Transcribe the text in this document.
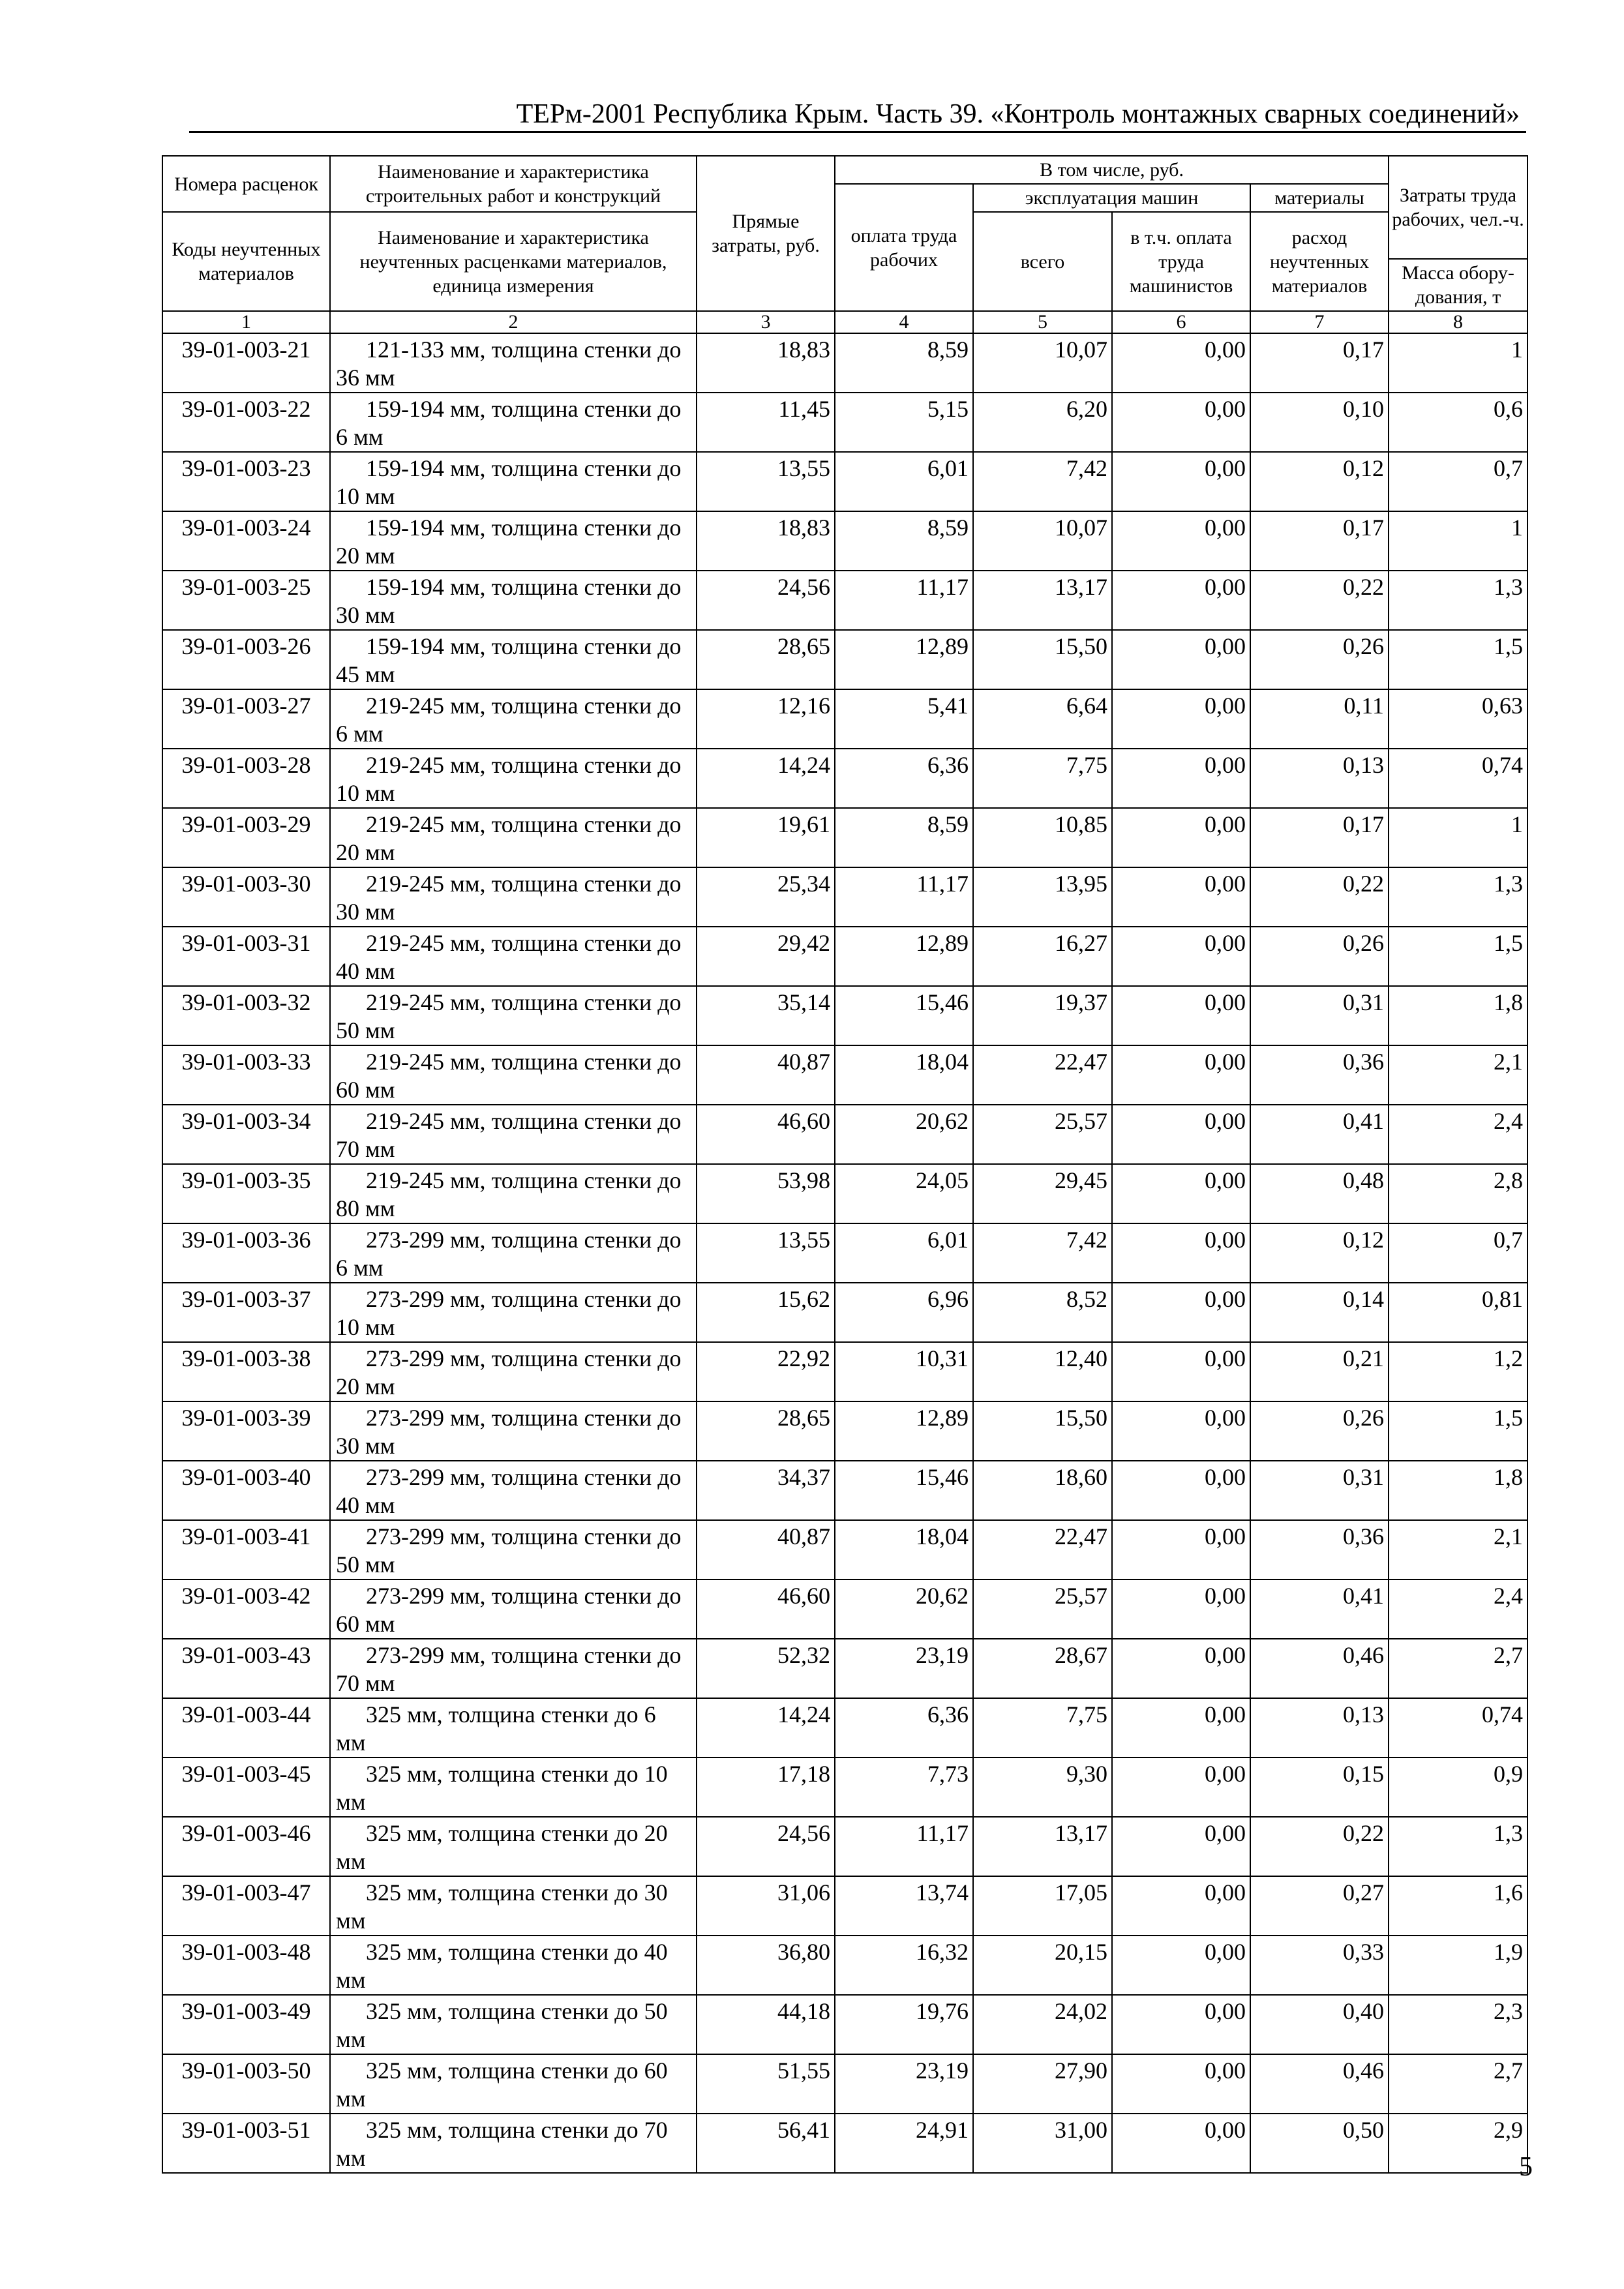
ТЕРм-2001 Республика Крым. Часть 39. «Контроль монтажных сварных соединений»
Номера расценок	Наименование и характеристика строительных работ и конструкций	Прямые затраты, руб.	В том числе, руб.				Затраты труда рабочих, чел.-ч.
			оплата труда рабочих	эксплуатация машин		материалы	
Коды неучтенных материалов	Наименование и характеристика неучтенных расценками материалов, единица измерения			всего	в т.ч. оплата труда машинистов	расход неучтенных материалов	
							Масса обору-дования, т
1	2	3	4	5	6	7	8
39-01-003-21	121-133 мм, толщина стенки до 36 мм	18,83	8,59	10,07	0,00	0,17	1
39-01-003-22	159-194 мм, толщина стенки до 6 мм	11,45	5,15	6,20	0,00	0,10	0,6
39-01-003-23	159-194 мм, толщина стенки до 10 мм	13,55	6,01	7,42	0,00	0,12	0,7
39-01-003-24	159-194 мм, толщина стенки до 20 мм	18,83	8,59	10,07	0,00	0,17	1
39-01-003-25	159-194 мм, толщина стенки до 30 мм	24,56	11,17	13,17	0,00	0,22	1,3
39-01-003-26	159-194 мм, толщина стенки до 45 мм	28,65	12,89	15,50	0,00	0,26	1,5
39-01-003-27	219-245 мм, толщина стенки до 6 мм	12,16	5,41	6,64	0,00	0,11	0,63
39-01-003-28	219-245 мм, толщина стенки до 10 мм	14,24	6,36	7,75	0,00	0,13	0,74
39-01-003-29	219-245 мм, толщина стенки до 20 мм	19,61	8,59	10,85	0,00	0,17	1
39-01-003-30	219-245 мм, толщина стенки до 30 мм	25,34	11,17	13,95	0,00	0,22	1,3
39-01-003-31	219-245 мм, толщина стенки до 40 мм	29,42	12,89	16,27	0,00	0,26	1,5
39-01-003-32	219-245 мм, толщина стенки до 50 мм	35,14	15,46	19,37	0,00	0,31	1,8
39-01-003-33	219-245 мм, толщина стенки до 60 мм	40,87	18,04	22,47	0,00	0,36	2,1
39-01-003-34	219-245 мм, толщина стенки до 70 мм	46,60	20,62	25,57	0,00	0,41	2,4
39-01-003-35	219-245 мм, толщина стенки до 80 мм	53,98	24,05	29,45	0,00	0,48	2,8
39-01-003-36	273-299 мм, толщина стенки до 6 мм	13,55	6,01	7,42	0,00	0,12	0,7
39-01-003-37	273-299 мм, толщина стенки до 10 мм	15,62	6,96	8,52	0,00	0,14	0,81
39-01-003-38	273-299 мм, толщина стенки до 20 мм	22,92	10,31	12,40	0,00	0,21	1,2
39-01-003-39	273-299 мм, толщина стенки до 30 мм	28,65	12,89	15,50	0,00	0,26	1,5
39-01-003-40	273-299 мм, толщина стенки до 40 мм	34,37	15,46	18,60	0,00	0,31	1,8
39-01-003-41	273-299 мм, толщина стенки до 50 мм	40,87	18,04	22,47	0,00	0,36	2,1
39-01-003-42	273-299 мм, толщина стенки до 60 мм	46,60	20,62	25,57	0,00	0,41	2,4
39-01-003-43	273-299 мм, толщина стенки до 70 мм	52,32	23,19	28,67	0,00	0,46	2,7
39-01-003-44	325 мм, толщина стенки до 6 мм	14,24	6,36	7,75	0,00	0,13	0,74
39-01-003-45	325 мм, толщина стенки до 10 мм	17,18	7,73	9,30	0,00	0,15	0,9
39-01-003-46	325 мм, толщина стенки до 20 мм	24,56	11,17	13,17	0,00	0,22	1,3
39-01-003-47	325 мм, толщина стенки до 30 мм	31,06	13,74	17,05	0,00	0,27	1,6
39-01-003-48	325 мм, толщина стенки до 40 мм	36,80	16,32	20,15	0,00	0,33	1,9
39-01-003-49	325 мм, толщина стенки до 50 мм	44,18	19,76	24,02	0,00	0,40	2,3
39-01-003-50	325 мм, толщина стенки до 60 мм	51,55	23,19	27,90	0,00	0,46	2,7
39-01-003-51	325 мм, толщина стенки до 70 мм	56,41	24,91	31,00	0,00	0,50	2,9
5
